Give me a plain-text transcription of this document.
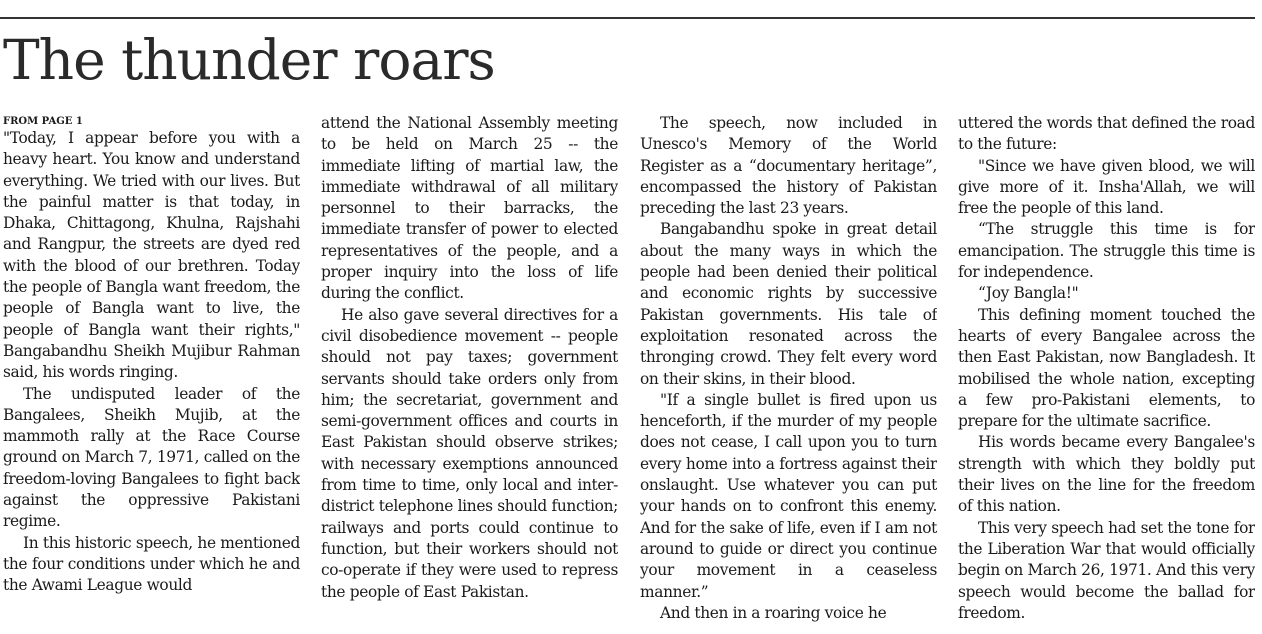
The thunder roars
FROM PAGE 1

"Today, I appear before you with a heavy heart. You know and understand everything. We tried with our lives. But the painful matter is that today, in Dhaka, Chittagong, Khulna, Rajshahi and Rangpur, the streets are dyed red with the blood of our brethren. Today the people of Bangla want freedom, the people of Bangla want to live, the people of Bangla want their rights," Bangabandhu Sheikh Mujibur Rahman said, his words ringing.

The undisputed leader of the Bangalees, Sheikh Mujib, at the mammoth rally at the Race Course ground on March 7, 1971, called on the freedom-loving Bangalees to fight back against the oppressive Pakistani regime.

In this historic speech, he mentioned the four conditions under which he and the Awami League would

attend the National Assembly meeting to be held on March 25 -- the immediate lifting of martial law, the immediate withdrawal of all military personnel to their barracks, the immediate transfer of power to elected representatives of the people, and a proper inquiry into the loss of life during the conflict.

He also gave several directives for a civil disobedience movement -- people should not pay taxes; government servants should take orders only from him; the secretariat, government and semi-government offices and courts in East Pakistan should observe strikes; with necessary exemptions announced from time to time, only local and inter-district telephone lines should function; railways and ports could continue to function, but their workers should not co-operate if they were used to repress the people of East Pakistan.

The speech, now included in Unesco's Memory of the World Register as a “documentary heritage”, encompassed the history of Pakistan preceding the last 23 years.

Bangabandhu spoke in great detail about the many ways in which the people had been denied their political and economic rights by successive Pakistan governments. His tale of exploitation resonated across the thronging crowd. They felt every word on their skins, in their blood.

"If a single bullet is fired upon us henceforth, if the murder of my people does not cease, I call upon you to turn every home into a fortress against their onslaught. Use whatever you can put your hands on to confront this enemy. And for the sake of life, even if I am not around to guide or direct you continue your movement in a ceaseless manner.”

And then in a roaring voice he

uttered the words that defined the road to the future:

"Since we have given blood, we will give more of it. Insha'Allah, we will free the people of this land.

“The struggle this time is for emancipation. The struggle this time is for independence.

“Joy Bangla!"

This defining moment touched the hearts of every Bangalee across the then East Pakistan, now Bangladesh. It mobilised the whole nation, excepting a few pro-Pakistani elements, to prepare for the ultimate sacrifice.

His words became every Bangalee's strength with which they boldly put their lives on the line for the freedom of this nation.

This very speech had set the tone for the Liberation War that would officially begin on March 26, 1971. And this very speech would become the ballad for freedom.
